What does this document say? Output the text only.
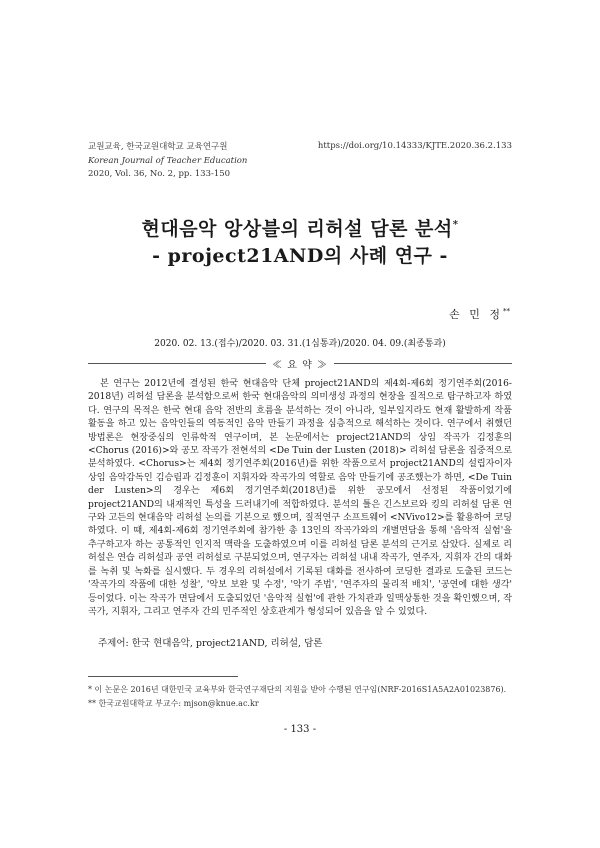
교원교육, 한국교원대학교 교육연구원
Korean Journal of Teacher Education
2020, Vol. 36, No. 2, pp. 133-150
https://doi.org/10.14333/KJTE.2020.36.2.133
현대음악 앙상블의 리허설 담론 분석*
- project21AND의 사례 연구 -
손 민 정**
2020. 02. 13.(접수)/2020. 03. 31.(1심통과)/2020. 04. 09.(최종통과)
≪ 요 약 ≫

본 연구는 2012년에 결성된 한국 현대음악 단체 project21AND의 제4회-제6회 정기연주회(2016-2018년) 리허설 담론을 분석함으로써 한국 현대음악의 의미생성 과정의 현장을 질적으로 탐구하고자 하였다. 연구의 목적은 한국 현대 음악 전반의 흐름을 분석하는 것이 아니라, 일부일지라도 현재 활발하게 작품 활동을 하고 있는 음악인들의 역동적인 음악 만들기 과정을 심층적으로 해석하는 것이다. 연구에서 취했던 방법론은 현장중심의 인류학적 연구이며, 본 논문에서는 project21AND의 상임 작곡가 김정훈의 <Chorus (2016)>와 공모 작곡가 전현석의 <De Tuin der Lusten (2018)> 리허설 담론을 집중적으로 분석하였다. <Chorus>는 제4회 정기연주회(2016년)를 위한 작품으로서 project21AND의 설립자이자 상임 음악감독인 김승림과 김정훈이 지휘자와 작곡가의 역할로 음악 만들기에 공조했는가 하면, <De Tuin der Lusten>의 경우는 제6회 정기연주회(2018년)를 위한 공모에서 선정된 작품이었기에 project21AND의 내재적인 특성을 드러내기에 적합하였다. 분석의 틀은 긴스보르와 킹의 리허설 담론 연구와 고든의 현대음악 리허설 논의를 기본으로 했으며, 질적연구 소프트웨어 <NVivo12>를 활용하여 코딩하였다. 이 때, 제4회-제6회 정기연주회에 참가한 총 13인의 작곡가와의 개별면담을 통해 '음악적 실험'을 추구하고자 하는 공통적인 인지적 맥락을 도출하였으며 이를 리허설 담론 분석의 근거로 삼았다. 실제로 리허설은 연습 리허설과 공연 리허설로 구분되었으며, 연구자는 리허설 내내 작곡가, 연주자, 지휘자 간의 대화를 녹취 및 녹화를 실시했다. 두 경우의 리허설에서 기록된 대화를 전사하여 코딩한 결과로 도출된 코드는 '작곡가의 작품에 대한 성찰', '악보 보완 및 수정', '악기 주법', '연주자의 물리적 배치', '공연에 대한 생각' 등이었다. 이는 작곡가 면담에서 도출되었던 '음악적 실험'에 관한 가치관과 일맥상통한 것을 확인했으며, 작곡가, 지휘자, 그리고 연주자 간의 민주적인 상호관계가 형성되어 있음을 알 수 있었다.

주제어: 한국 현대음악, project21AND, 리허설, 담론
* 이 논문은 2016년 대한민국 교육부와 한국연구재단의 지원을 받아 수행된 연구임(NRF-2016S1A5A2A01023876).
** 한국교원대학교 부교수: mjson@knue.ac.kr
- 133 -
